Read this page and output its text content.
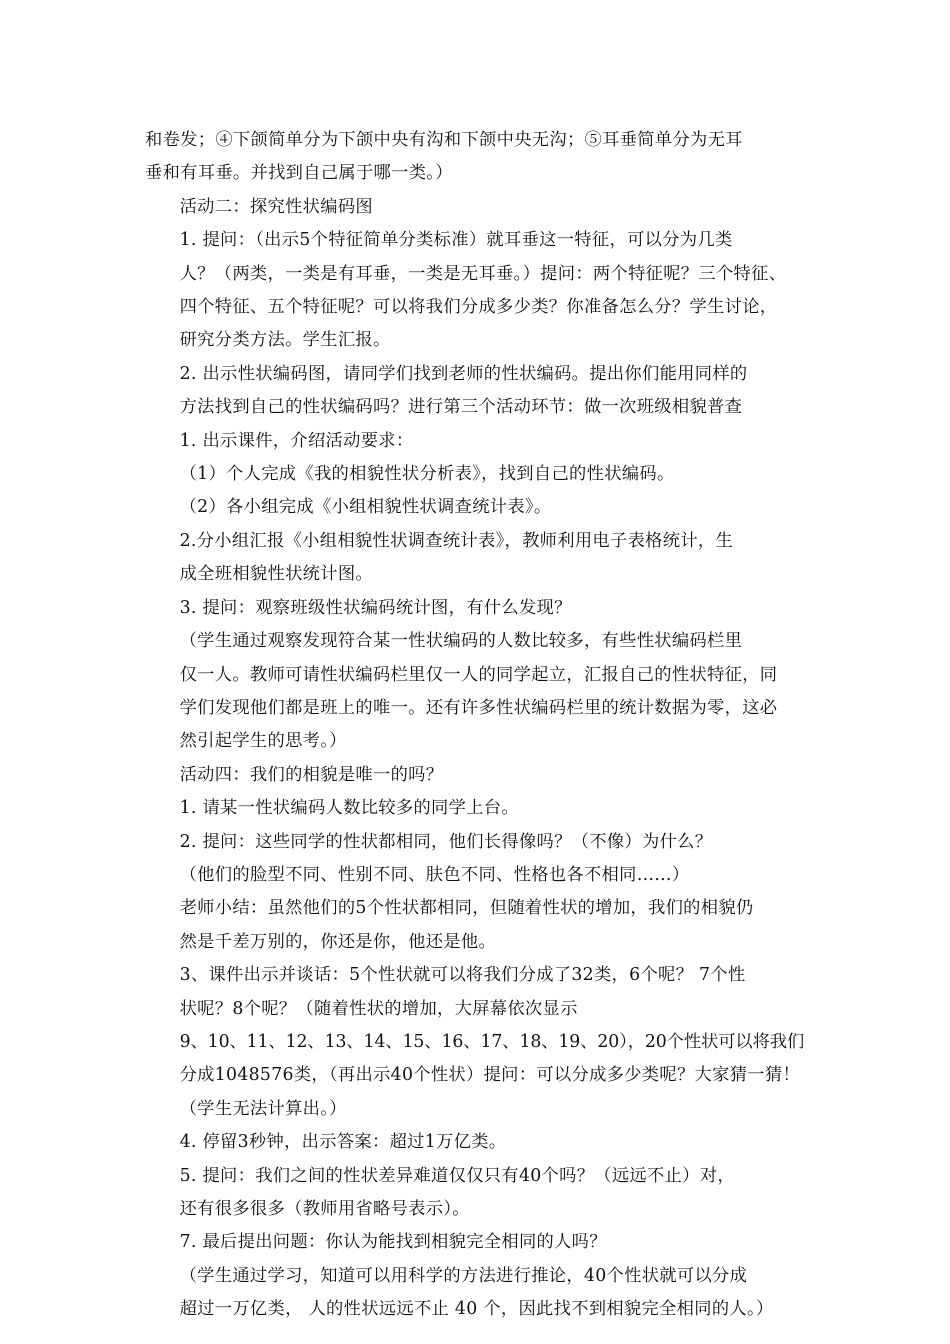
和卷发；④下颌简单分为下颌中央有沟和下颌中央无沟；⑤耳垂简单分为无耳
垂和有耳垂。并找到自己属于哪一类。）

活动二：探究性状编码图

1. 提问：（出示5个特征简单分类标准）就耳垂这一特征，可以分为几类
人？（两类，一类是有耳垂，一类是无耳垂。）提问：两个特征呢？三个特征、
四个特征、五个特征呢？可以将我们分成多少类？你准备怎么分？学生讨论，
研究分类方法。学生汇报。

2. 出示性状编码图，请同学们找到老师的性状编码。提出你们能用同样的
方法找到自己的性状编码吗？进行第三个活动环节：做一次班级相貌普查

1. 出示课件，介绍活动要求：

（1）个人完成《我的相貌性状分析表》，找到自己的性状编码。

（2）各小组完成《小组相貌性状调查统计表》。

2.分小组汇报《小组相貌性状调查统计表》，教师利用电子表格统计，生
成全班相貌性状统计图。

3. 提问：观察班级性状编码统计图，有什么发现？

（学生通过观察发现符合某一性状编码的人数比较多，有些性状编码栏里
仅一人。教师可请性状编码栏里仅一人的同学起立，汇报自己的性状特征，同
学们发现他们都是班上的唯一。还有许多性状编码栏里的统计数据为零，这必
然引起学生的思考。）

活动四：我们的相貌是唯一的吗？

1. 请某一性状编码人数比较多的同学上台。

2. 提问：这些同学的性状都相同，他们长得像吗？（不像）为什么？

（他们的脸型不同、性别不同、肤色不同、性格也各不相同……）

老师小结：虽然他们的5个性状都相同，但随着性状的增加，我们的相貌仍
然是千差万别的，你还是你，他还是他。

3、课件出示并谈话：5个性状就可以将我们分成了32类，6个呢？ 7个性
状呢？8个呢？（随着性状的增加，大屏幕依次显示
9、10、11、12、13、14、15、16、17、18、19、20），20个性状可以将我们
分成1048576类，（再出示40个性状）提问：可以分成多少类呢？大家猜一猜！
（学生无法计算出。）

4. 停留3秒钟，出示答案：超过1万亿类。

5. 提问：我们之间的性状差异难道仅仅只有40个吗？（远远不止）对，
还有很多很多（教师用省略号表示）。

7. 最后提出问题：你认为能找到相貌完全相同的人吗？

（学生通过学习，知道可以用科学的方法进行推论，40个性状就可以分成
超过一万亿类， 人的性状远远不止 40 个，因此找不到相貌完全相同的人。）
